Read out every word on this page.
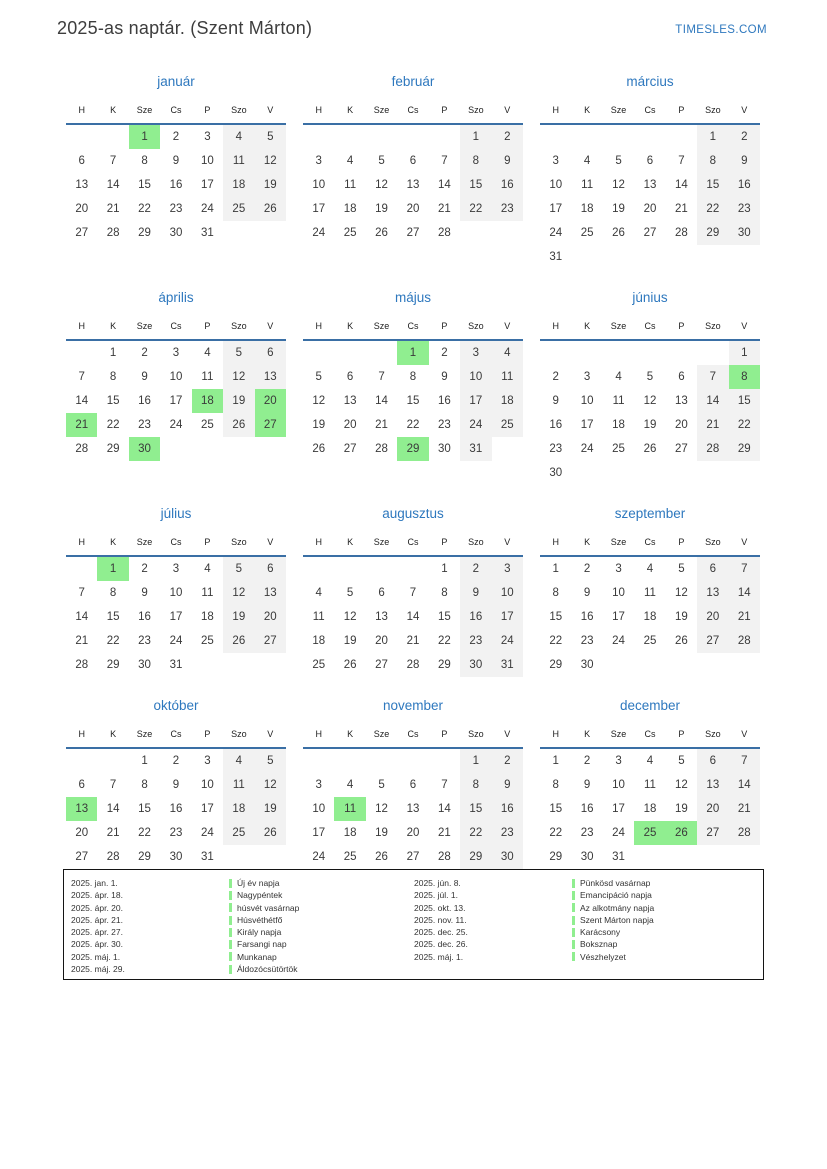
2025-as naptár. (Szent Márton)	TIMESLES.COM
január
H	K	Sze	Cs	P	Szo	V
		1	2	3	4	5
6	7	8	9	10	11	12
13	14	15	16	17	18	19
20	21	22	23	24	25	26
27	28	29	30	31		
február
H	K	Sze	Cs	P	Szo	V
					1	2
3	4	5	6	7	8	9
10	11	12	13	14	15	16
17	18	19	20	21	22	23
24	25	26	27	28		
március
H	K	Sze	Cs	P	Szo	V
					1	2
3	4	5	6	7	8	9
10	11	12	13	14	15	16
17	18	19	20	21	22	23
24	25	26	27	28	29	30
31						
április
H	K	Sze	Cs	P	Szo	V
	1	2	3	4	5	6
7	8	9	10	11	12	13
14	15	16	17	18	19	20
21	22	23	24	25	26	27
28	29	30				
május
H	K	Sze	Cs	P	Szo	V
			1	2	3	4
5	6	7	8	9	10	11
12	13	14	15	16	17	18
19	20	21	22	23	24	25
26	27	28	29	30	31	
június
H	K	Sze	Cs	P	Szo	V
						1
2	3	4	5	6	7	8
9	10	11	12	13	14	15
16	17	18	19	20	21	22
23	24	25	26	27	28	29
30						
július
H	K	Sze	Cs	P	Szo	V
	1	2	3	4	5	6
7	8	9	10	11	12	13
14	15	16	17	18	19	20
21	22	23	24	25	26	27
28	29	30	31			
augusztus
H	K	Sze	Cs	P	Szo	V
				1	2	3
4	5	6	7	8	9	10
11	12	13	14	15	16	17
18	19	20	21	22	23	24
25	26	27	28	29	30	31
szeptember
H	K	Sze	Cs	P	Szo	V
1	2	3	4	5	6	7
8	9	10	11	12	13	14
15	16	17	18	19	20	21
22	23	24	25	26	27	28
29	30					
október
H	K	Sze	Cs	P	Szo	V
		1	2	3	4	5
6	7	8	9	10	11	12
13	14	15	16	17	18	19
20	21	22	23	24	25	26
27	28	29	30	31		
november
H	K	Sze	Cs	P	Szo	V
					1	2
3	4	5	6	7	8	9
10	11	12	13	14	15	16
17	18	19	20	21	22	23
24	25	26	27	28	29	30
december
H	K	Sze	Cs	P	Szo	V
1	2	3	4	5	6	7
8	9	10	11	12	13	14
15	16	17	18	19	20	21
22	23	24	25	26	27	28
29	30	31				
2025. jan. 1.	Új év napja
2025. ápr. 18.	Nagypéntek
2025. ápr. 20.	húsvét vasárnap
2025. ápr. 21.	Húsvéthétfő
2025. ápr. 27.	Király napja
2025. ápr. 30.	Farsangi nap
2025. máj. 1.	Munkanap
2025. máj. 29.	Áldozócsütörtök
2025. jún. 8.	Pünkösd vasárnap
2025. júl. 1.	Emancipáció napja
2025. okt. 13.	Az alkotmány napja
2025. nov. 11.	Szent Márton napja
2025. dec. 25.	Karácsony
2025. dec. 26.	Boksznap
2025. máj. 1.	Vészhelyzet
